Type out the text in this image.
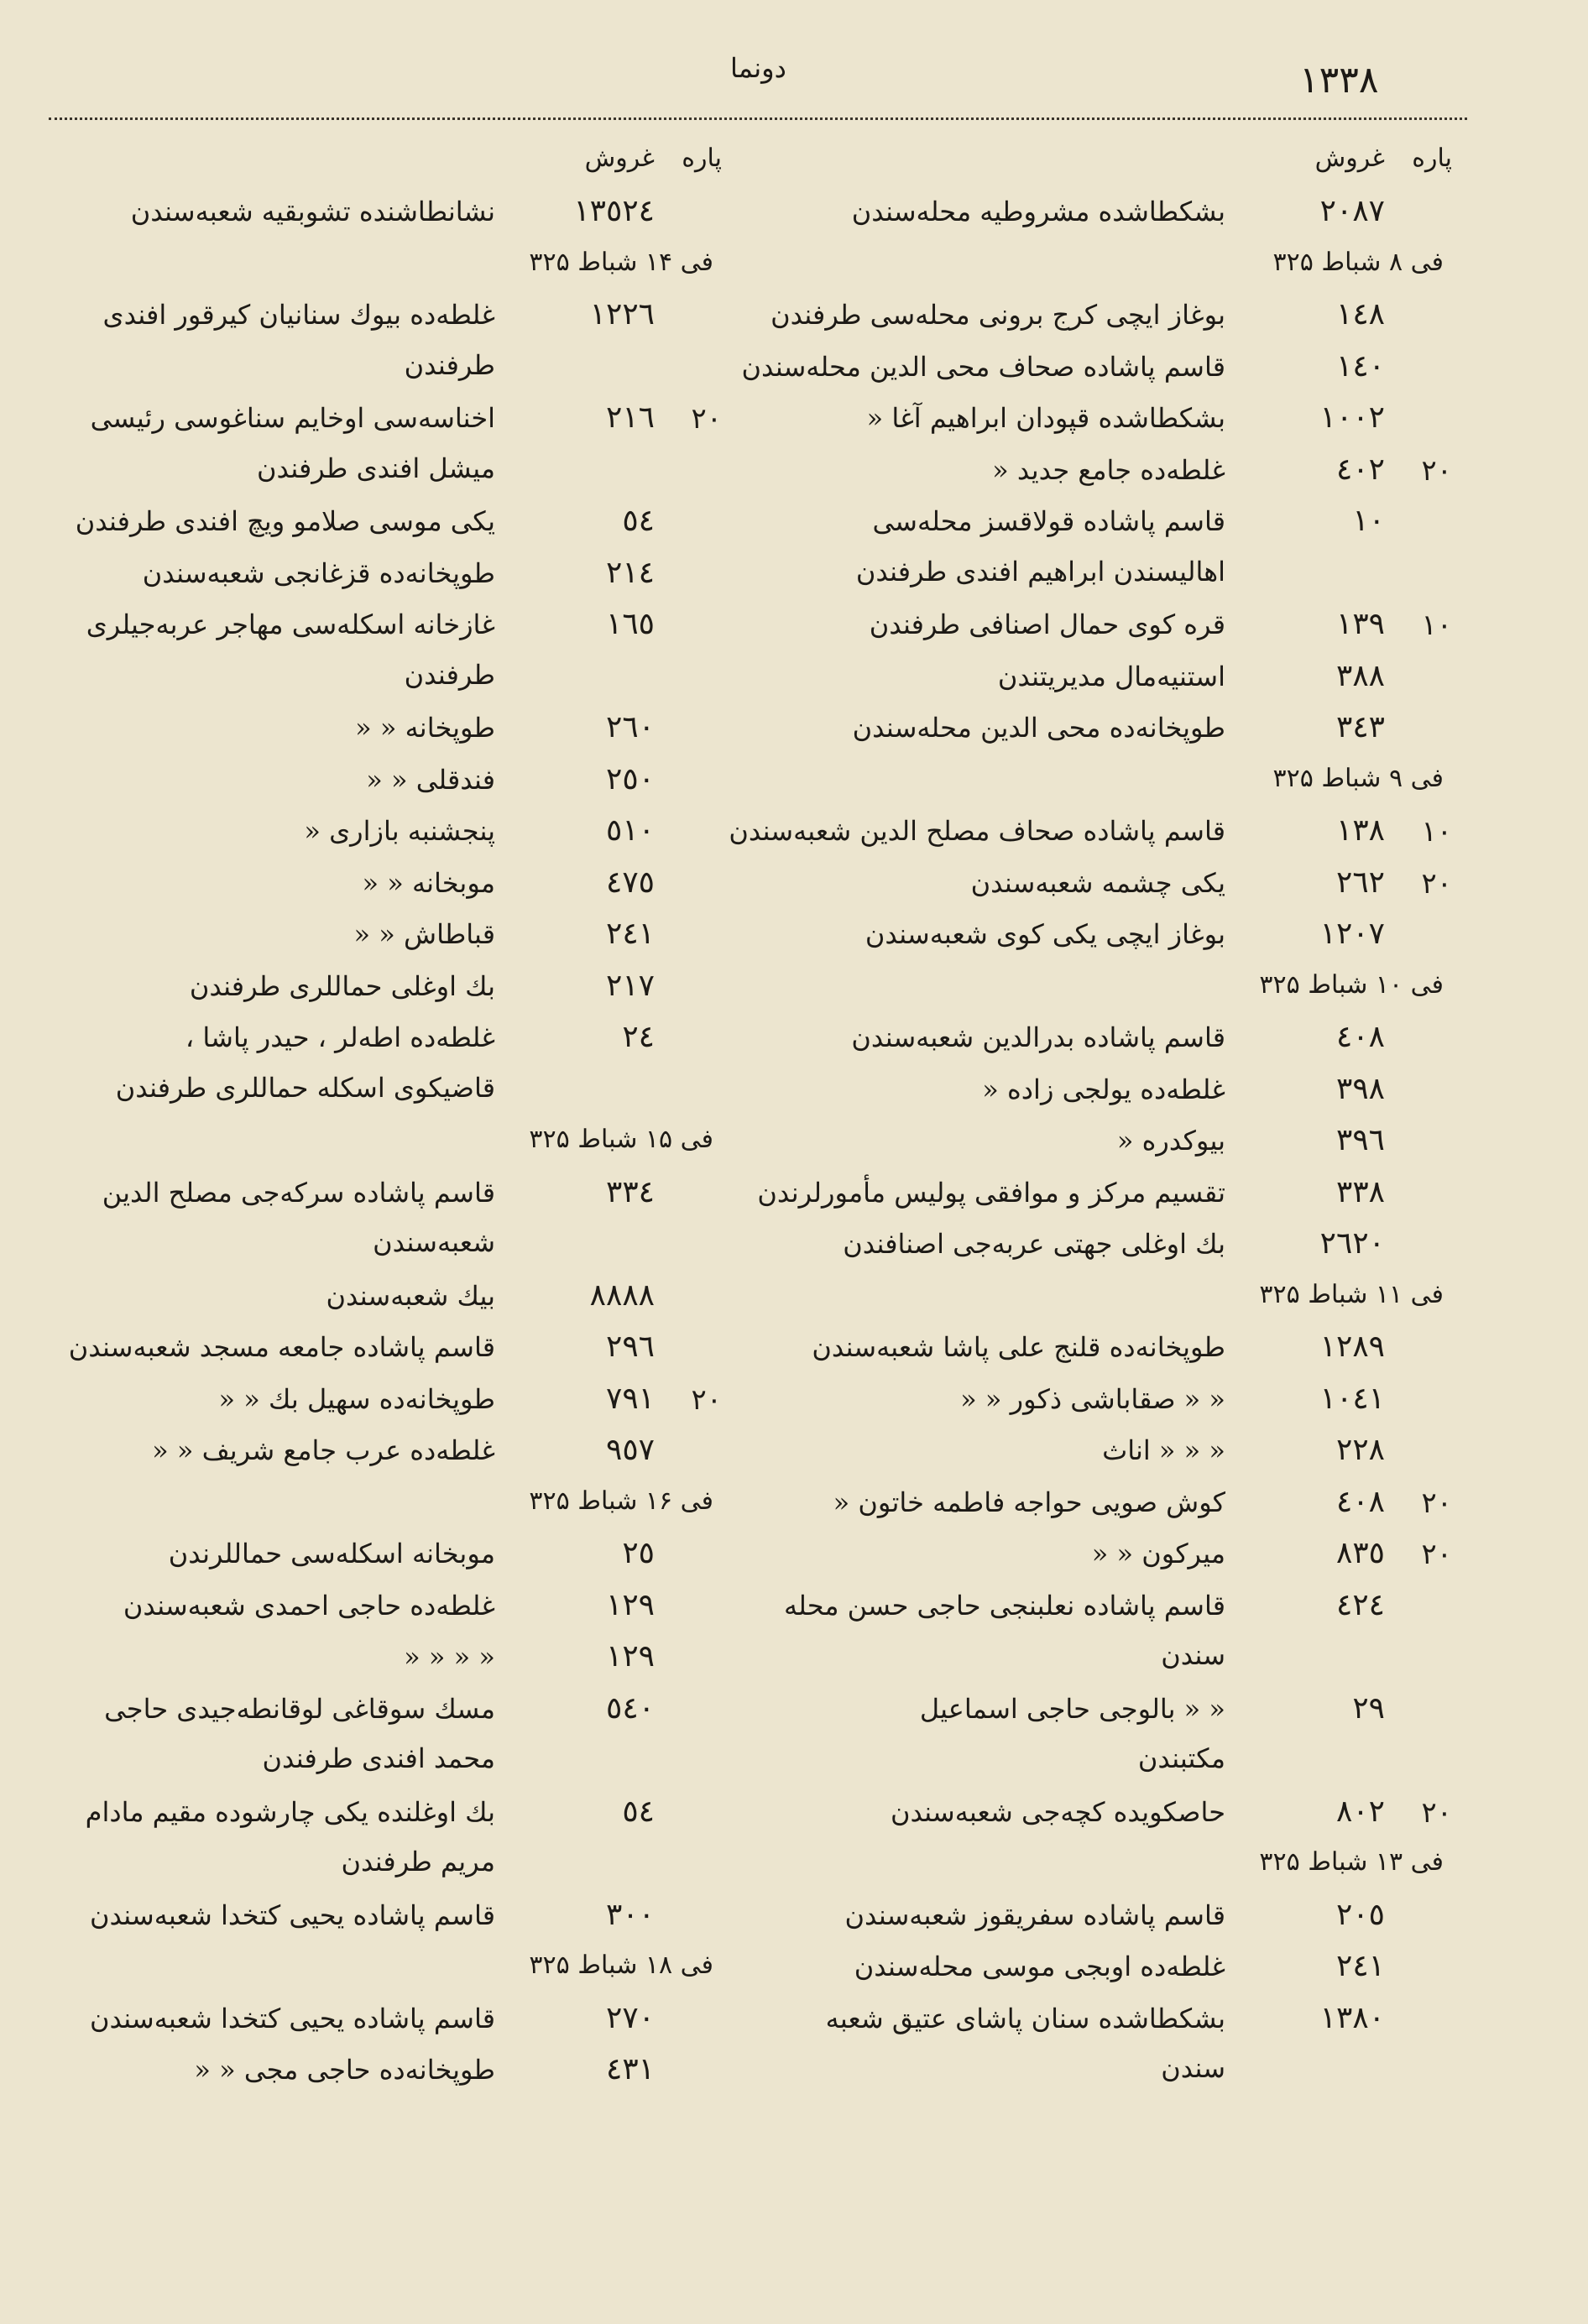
۱۳۳۸
دونما
پاره
غروش
٢٠٨٧
بشكطاشده مشروطيه محله‌سندن
فی ۸ شباط ۳۲۵
١٤٨
بوغاز ایچی کرج برونی محله‌سی طرفندن
١٤٠
قاسم پاشاده صحاف محی الدین محله‌سندن
١٠٠٢
بشکطاشده قپودان ابراهیم آغا «
٢٠
٤٠٢
غلطه‌ده جامع جدید «
١٠
قاسم پاشاده قولاقسز محله‌سی
اهالیسندن ابراهیم افندی طرفندن
١٠
١٣٩
قره کوی حمال اصنافی طرفندن
٣٨٨
استنیه‌مال مدیریتندن
٣٤٣
طوپخانه‌ده محی الدین محله‌سندن
فی ۹ شباط ۳۲۵
١٠
١٣٨
قاسم پاشاده صحاف مصلح الدین شعبه‌سندن
٢٠
٢٦٢
یکی چشمه شعبه‌سندن
١٢٠٧
بوغاز ایچی یکی کوی شعبه‌سندن
فی ۱۰ شباط ۳۲۵
٤٠٨
قاسم پاشاده بدرالدین شعبه‌سندن
٣٩٨
غلطه‌ده یولجی زاده «
٣٩٦
بیوکدره «
٣٣٨
تقسیم مرکز و موافقی پولیس مأمورلرندن
٢٦٢٠
بك اوغلی جهتی عربه‌جی اصنافندن
فی ۱۱ شباط ۳۲۵
١٢٨٩
طوپخانه‌ده قلنج علی پاشا شعبه‌سندن
١٠٤١
« « صقاباشی ذکور « «
٢٢٨
« « « اناث
٢٠
٤٠٨
کوش صویی حواجه فاطمه خاتون «
٢٠
٨٣٥
میرکون « «
٤٢٤
قاسم پاشاده نعلبنجی حاجی حسن محله
سندن
٢٩
« « بالوجی حاجی اسماعیل
مکتبندن
٢٠
٨٠٢
حاصکویده کچه‌جی شعبه‌سندن
فی ۱۳ شباط ۳۲۵
٢٠٥
قاسم پاشاده سفریقوز شعبه‌سندن
٢٤١
غلطه‌ده اوبجی موسی محله‌سندن
١٣٨٠
بشکطاشده سنان پاشای عتیق شعبه‌
سندن
پاره
غروش
١٣٥٢٤
نشانطاشنده تشوبقیه شعبه‌سندن
فی ۱۴ شباط ۳۲۵
١٢٢٦
غلطه‌ده بیوك سنانیان کیرقور افندی
طرفندن
٢٠
٢١٦
اخناسه‌سی اوخایم سناغوسی رئیسی
میشل افندی طرفندن
٥٤
یکی موسی صلامو ویچ افندی طرفندن
٢١٤
طوپخانه‌ده قزغانجی شعبه‌سندن
١٦٥
غازخانه اسکله‌سی مهاجر عربه‌جیلری
طرفندن
٢٦٠
طوپخانه « «
٢٥٠
فندقلی « «
٥١٠
پنجشنبه بازاری «
٤٧٥
موبخانه « «
٢٤١
قباطاش « «
٢١٧
بك اوغلی حماللری طرفندن
٢٤
غلطه‌ده اطه‌لر ، حیدر پاشا ،
قاضیکوی اسکله حماللری طرفندن
فی ۱۵ شباط ۳۲۵
٣٣٤
قاسم پاشاده سرکه‌جی مصلح الدین
شعبه‌سندن
٨٨٨٨
بیك شعبه‌سندن
٢٩٦
قاسم پاشاده جامعه مسجد شعبه‌سندن
٢٠
٧٩١
طوپخانه‌ده سهیل بك « «
٩٥٧
غلطه‌ده عرب جامع شریف « «
فی ۱۶ شباط ۳۲۵
٢٥
موبخانه اسکله‌سی حماللرندن
١٢٩
غلطه‌ده حاجی احمدی شعبه‌سندن
١٢٩
« « « «
٥٤٠
مسك سوقاغی لوقانطه‌جیدی حاجی
محمد افندی طرفندن
٥٤
بك اوغلنده یکی چارشوده مقیم مادام
مریم طرفندن
٣٠٠
قاسم پاشاده یحیی کتخدا شعبه‌سندن
فی ۱۸ شباط ۳۲۵
٢٧٠
قاسم پاشاده یحیی کتخدا شعبه‌سندن
٤٣١
طوپخانه‌ده حاجی مجی « «
